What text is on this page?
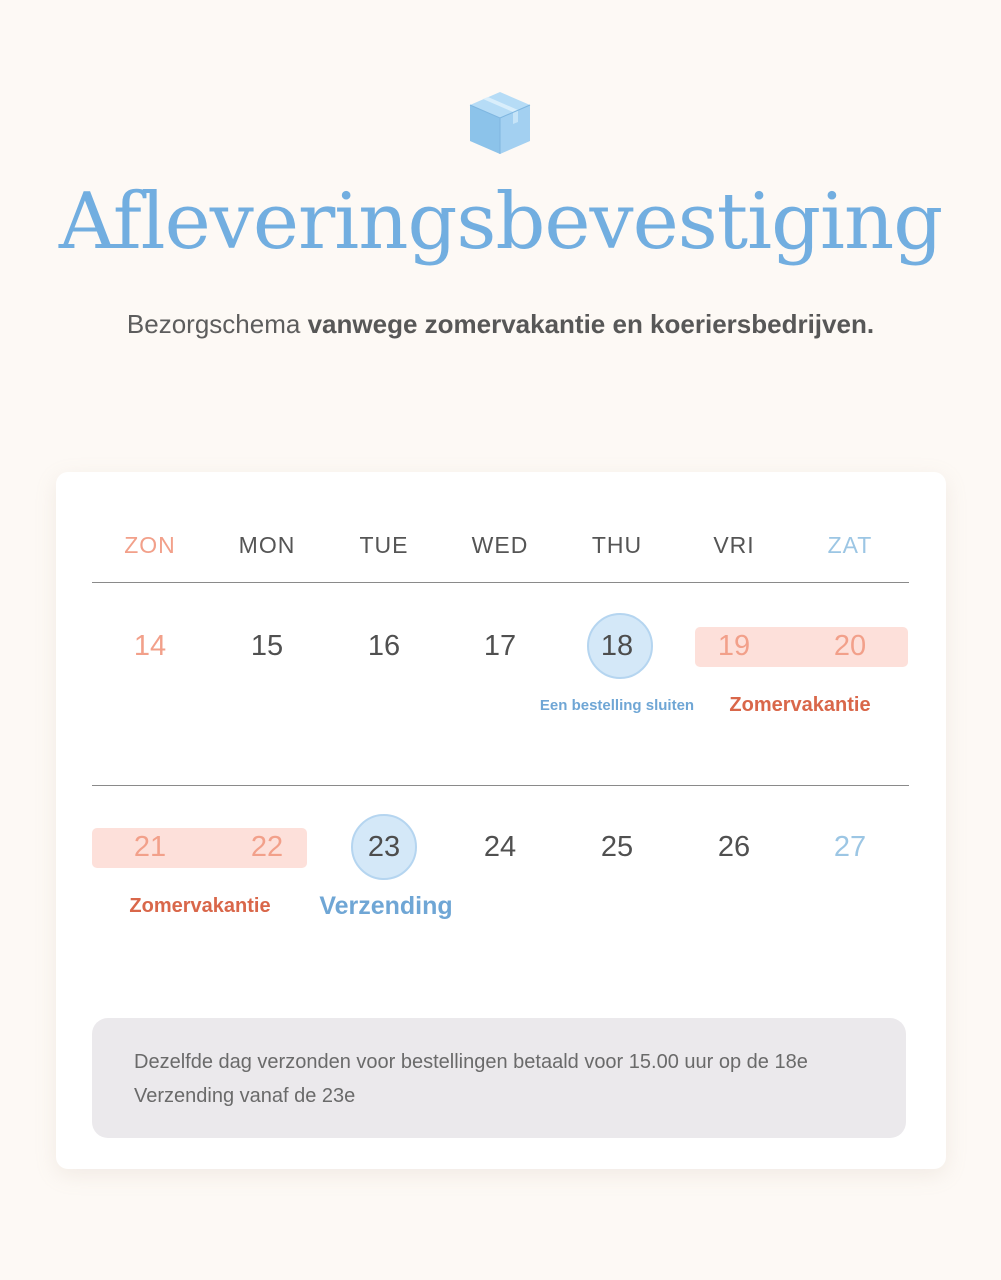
Afleveringsbevestiging
Bezorgschema vanwege zomervakantie en koeriersbedrijven.
ZON	MON	TUE	WED	THU	VRI	ZAT
14	15	16	17	18	19	20
Een bestelling sluiten	Zomervakantie
21	22	23	24	25	26	27
Zomervakantie	Verzending
Dezelfde dag verzonden voor bestellingen betaald voor 15.00 uur op de 18e
Verzending vanaf de 23e
